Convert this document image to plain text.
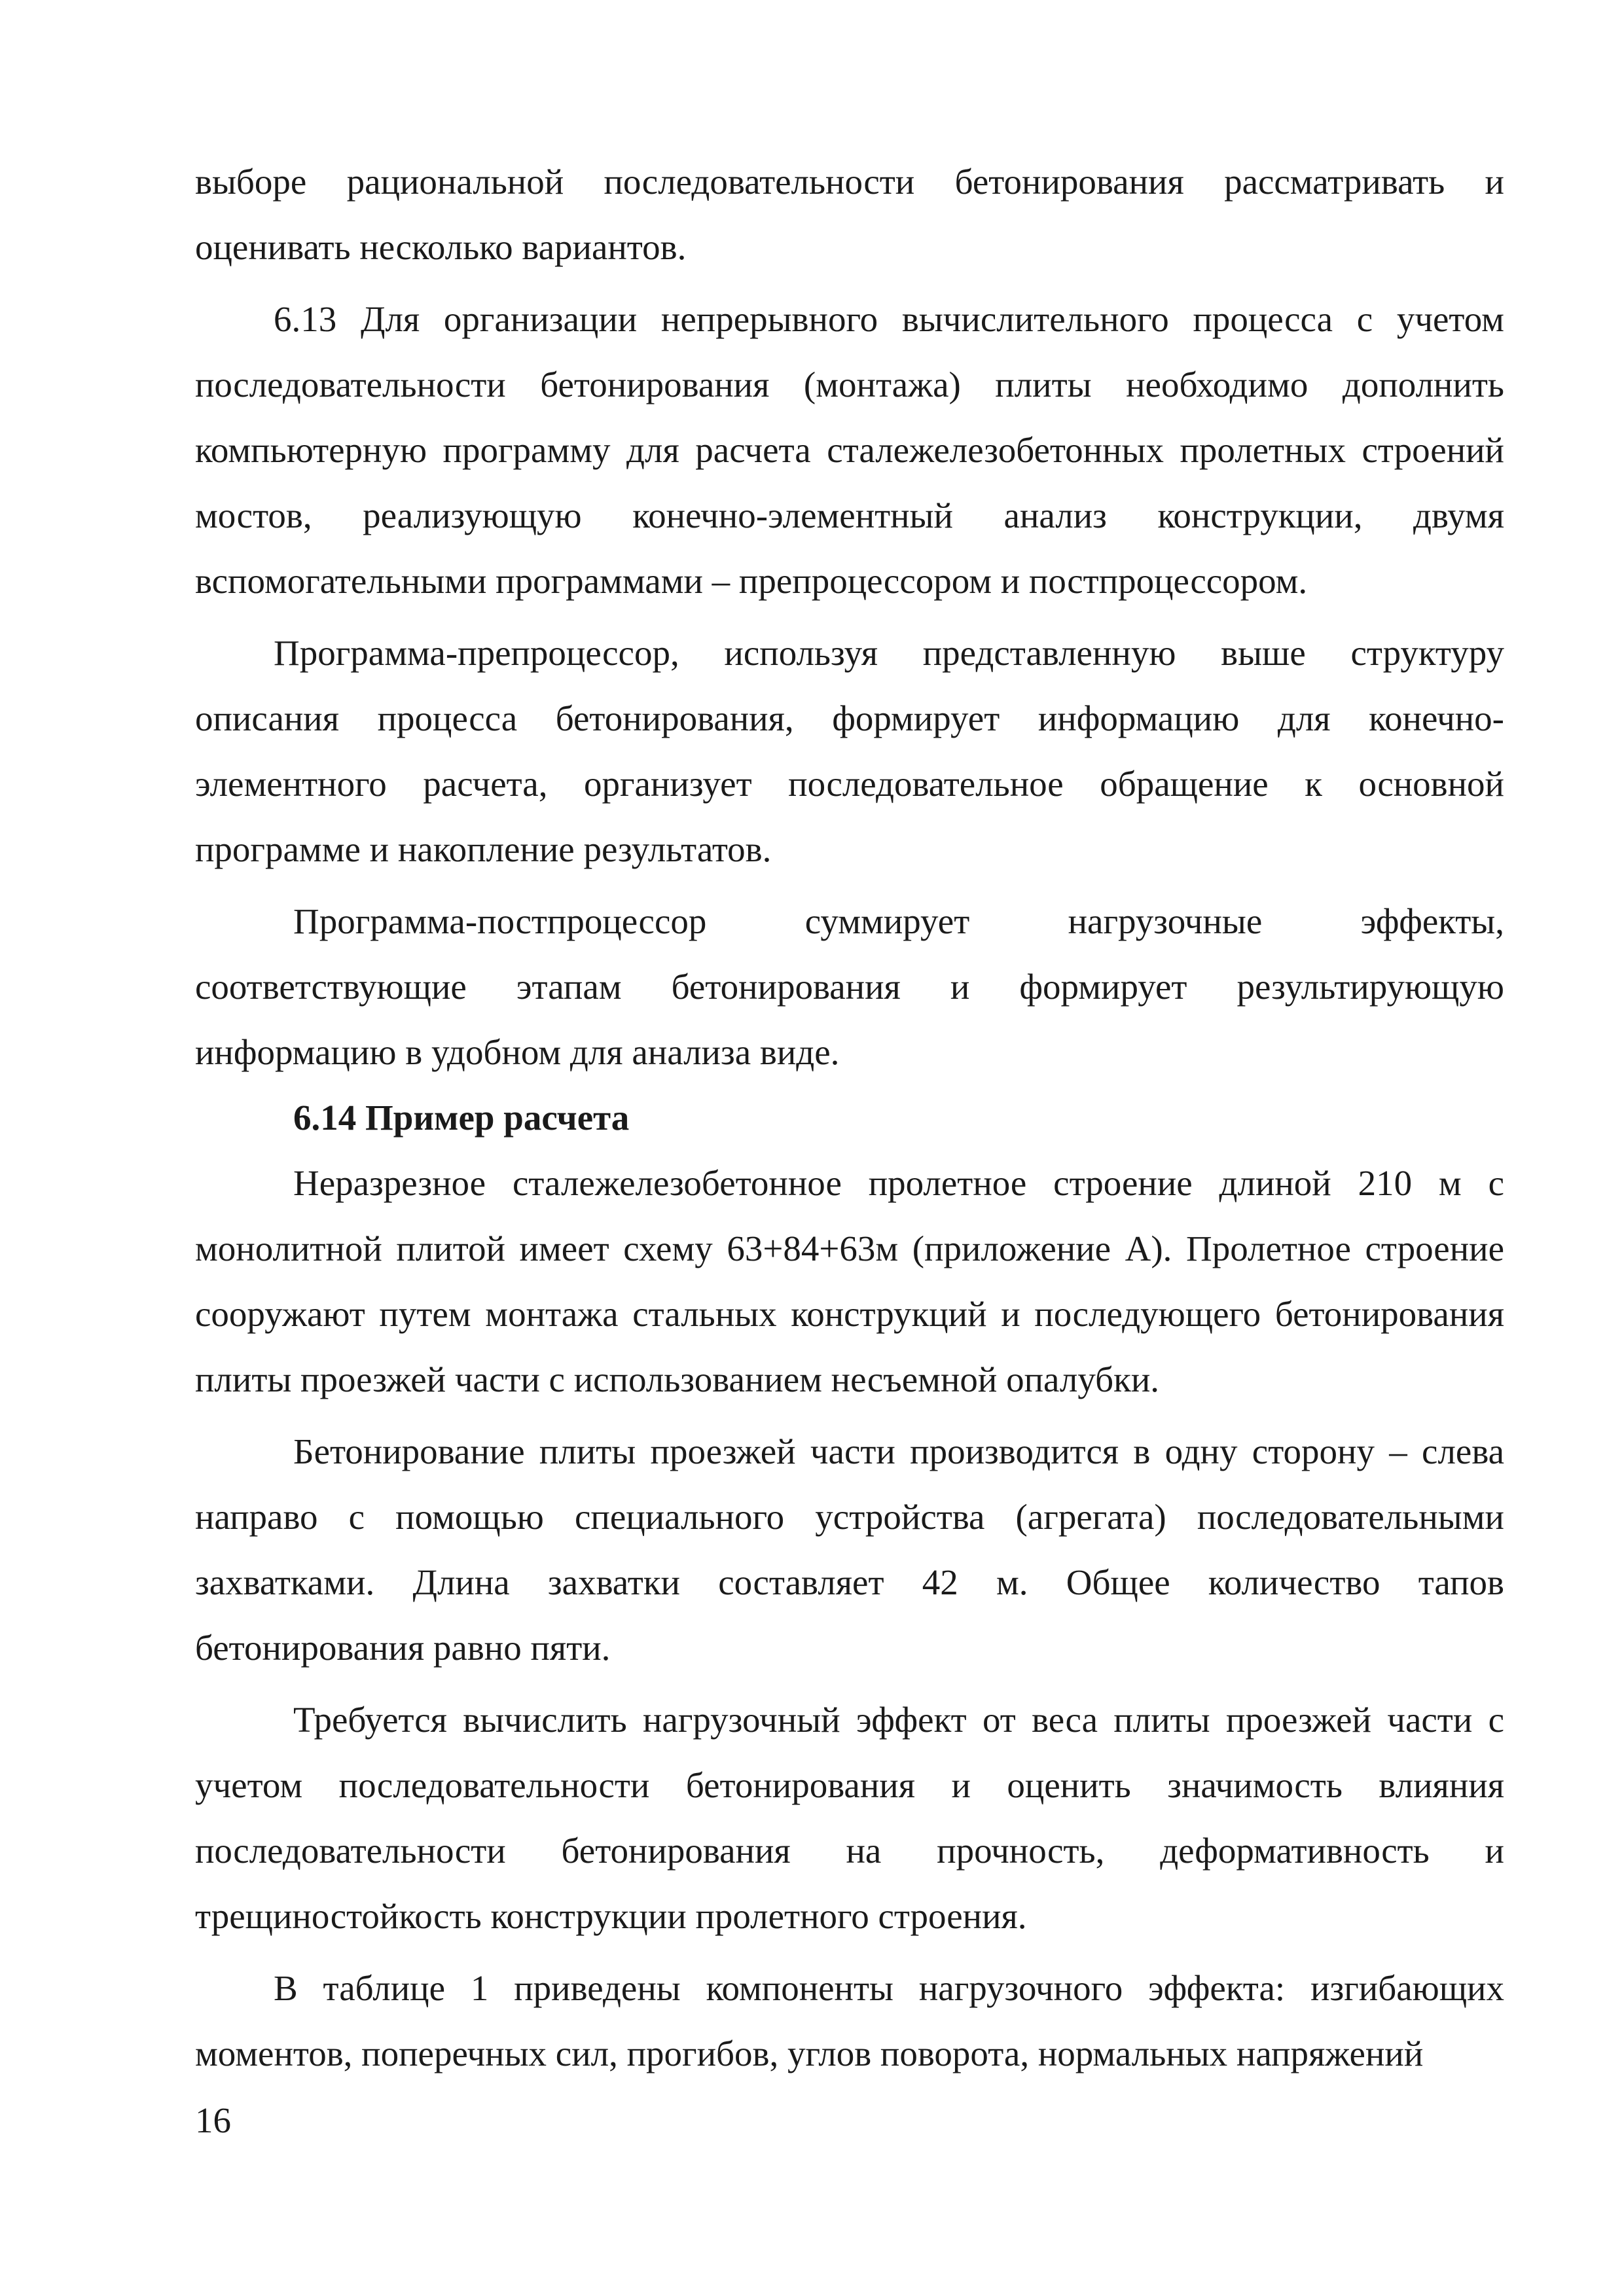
выборе рациональной последовательности бетонирования рассматривать и оценивать несколько вариантов.

6.13 Для организации непрерывного вычислительного процесса с учетом последовательности бетонирования (монтажа) плиты необходимо дополнить компьютерную программу для расчета сталежелезобетонных пролетных строений мостов, реализующую конечно-элементный анализ конструкции, двумя вспомогательными программами – препроцессором и постпроцессором.

Программа-препроцессор, используя представленную выше структуру описания процесса бетонирования, формирует информацию для конечно-элементного расчета, организует последовательное обращение к основной программе и накопление результатов.

Программа-постпроцессор суммирует нагрузочные эффекты, соответствующие этапам бетонирования и формирует результирующую информацию в удобном для анализа виде.

6.14 Пример расчета

Неразрезное сталежелезобетонное пролетное строение длиной 210 м с монолитной плитой имеет схему 63+84+63м (приложение А). Пролетное строение сооружают путем монтажа стальных конструкций и последующего бетонирования плиты проезжей части с использованием несъемной опалубки.

Бетонирование плиты проезжей части производится в одну сторону – слева направо с помощью специального устройства (агрегата) последовательными захватками. Длина захватки составляет 42 м. Общее количество тапов бетонирования равно пяти.

Требуется вычислить нагрузочный эффект от веса плиты проезжей части с учетом последовательности бетонирования и оценить значимость влияния последовательности бетонирования на прочность, деформативность и трещиностойкость конструкции пролетного строения.

В таблице 1 приведены компоненты нагрузочного эффекта: изгибающих моментов, поперечных сил, прогибов, углов поворота, нормальных напряжений

16
